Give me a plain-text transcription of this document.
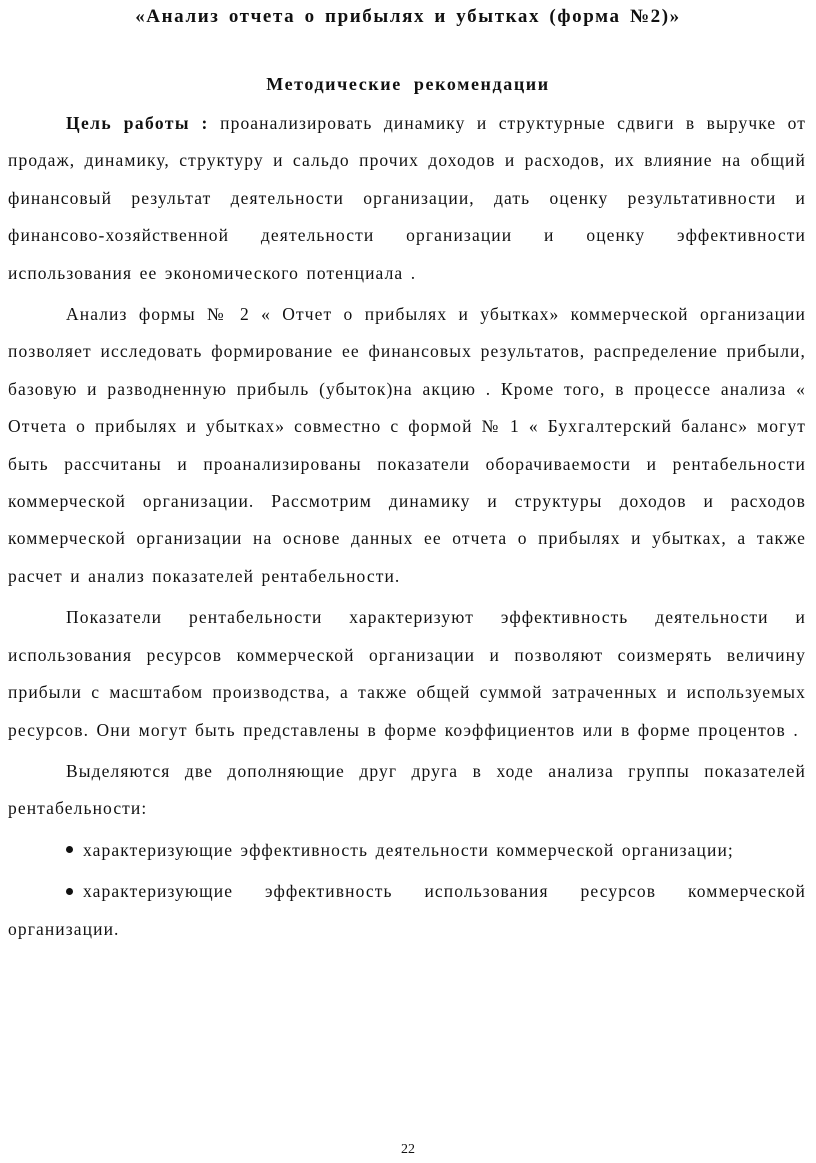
«Анализ отчета о прибылях и убытках (форма №2)»
Методические рекомендации

Цель работы : проанализировать динамику и структурные сдвиги в выручке от продаж, динамику, структуру и сальдо прочих доходов и расходов, их влияние на общий финансовый результат деятельности организации, дать оценку результативности и финансово-хозяйственной деятельности организации и оценку эффективности использования ее экономического потенциала .

Анализ формы № 2 « Отчет о прибылях и убытках» коммерческой организации позволяет исследовать формирование ее финансовых результатов, распределение прибыли, базовую и разводненную прибыль (убыток)на акцию . Кроме того, в процессе анализа « Отчета о прибылях и убытках» совместно с формой № 1 « Бухгалтерский баланс» могут быть рассчитаны и проанализированы показатели оборачиваемости и рентабельности коммерческой организации. Рассмотрим динамику и структуры доходов и расходов коммерческой организации на основе данных ее отчета о прибылях и убытках, а также расчет и анализ показателей рентабельности.

Показатели рентабельности характеризуют эффективность деятельности и использования ресурсов коммерческой организации и позволяют соизмерять величину прибыли с масштабом производства, а также общей суммой затраченных и используемых ресурсов. Они могут быть представлены в форме коэффициентов или в форме процентов .

Выделяются две дополняющие друг друга в ходе анализа группы показателей рентабельности:

характеризующие эффективность деятельности коммерческой организации;

характеризующие эффективность использования ресурсов коммерческой организации.

22
